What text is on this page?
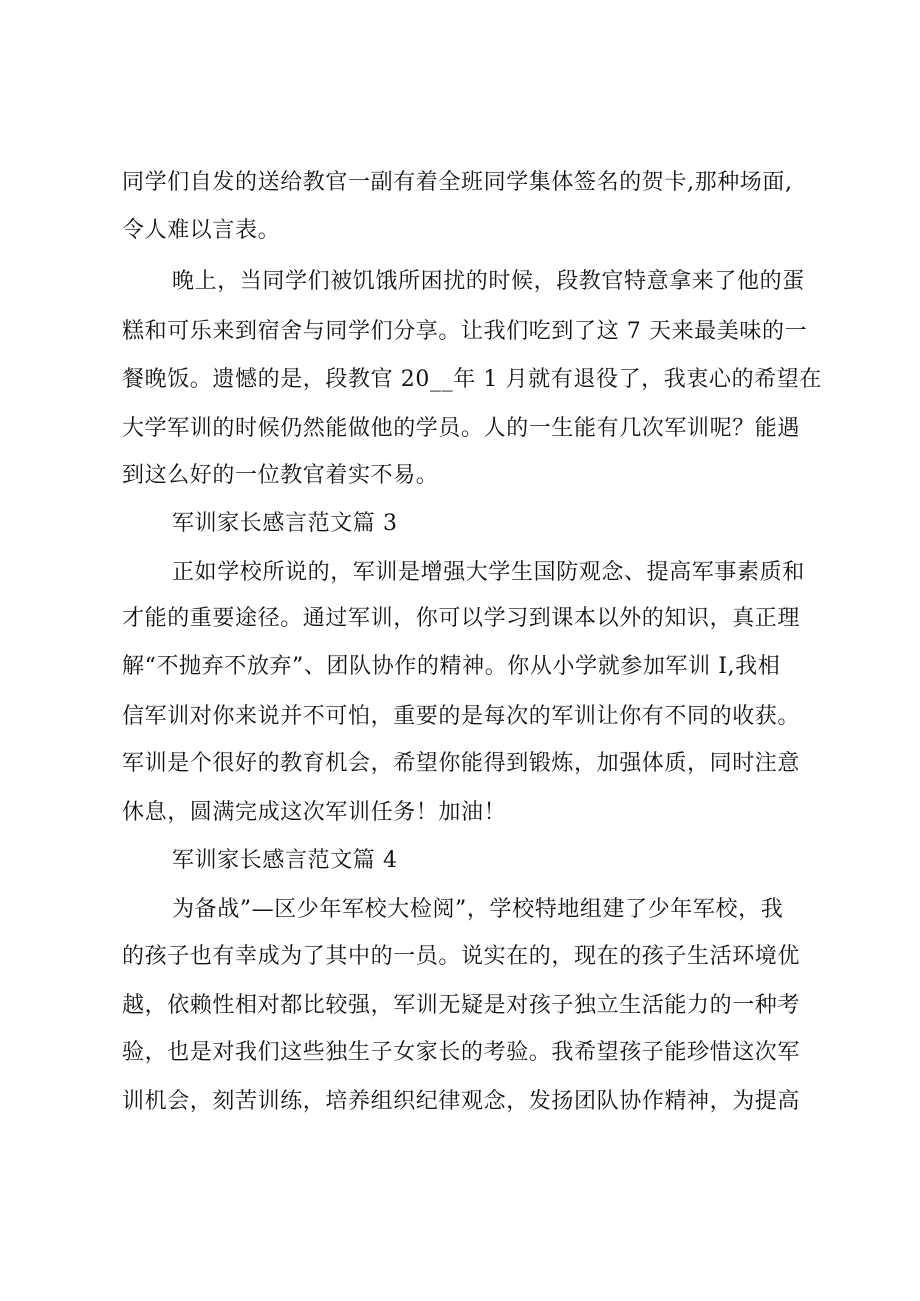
同学们自发的送给教官一副有着全班同学集体签名的贺卡,那种场面,
令人难以言表。
晚上，当同学们被饥饿所困扰的时候，段教官特意拿来了他的蛋
糕和可乐来到宿舍与同学们分享。让我们吃到了这 7 天来最美味的一
餐晚饭。遗憾的是，段教官 20__年 1 月就有退役了，我衷心的希望在
大学军训的时候仍然能做他的学员。人的一生能有几次军训呢？能遇
到这么好的一位教官着实不易。
军训家长感言范文篇 3
正如学校所说的，军训是增强大学生国防观念、提高军事素质和
才能的重要途径。通过军训，你可以学习到课本以外的知识，真正理
解“不抛弃不放弃”、团队协作的精神。你从小学就参加军训 I,我相
信军训对你来说并不可怕，重要的是每次的军训让你有不同的收获。
军训是个很好的教育机会，希望你能得到锻炼，加强体质，同时注意
休息，圆满完成这次军训任务！加油！
军训家长感言范文篇 4
为备战”—区少年军校大检阅”，学校特地组建了少年军校，我
的孩子也有幸成为了其中的一员。说实在的，现在的孩子生活环境优
越，依赖性相对都比较强，军训无疑是对孩子独立生活能力的一种考
验，也是对我们这些独生子女家长的考验。我希望孩子能珍惜这次军
训机会，刻苦训练，培养组织纪律观念，发扬团队协作精神，为提高
